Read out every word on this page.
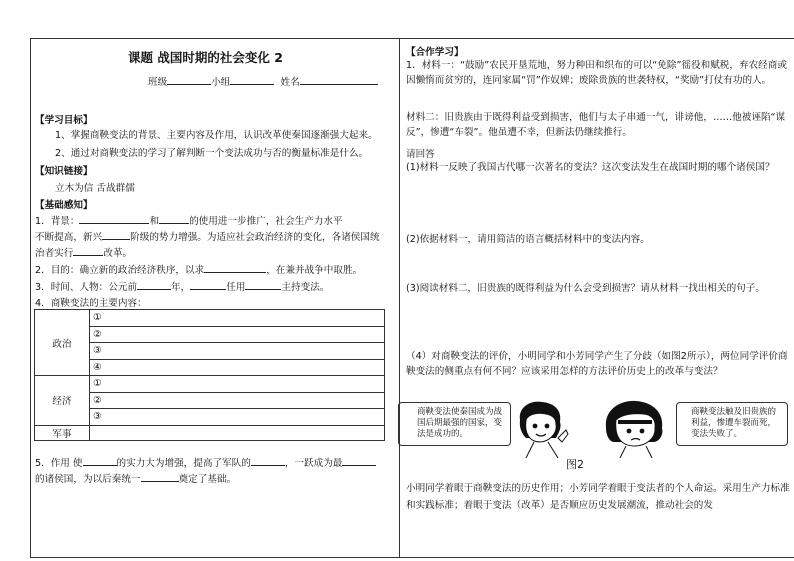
课题 战国时期的社会变化 2
班级	小组	姓名
【学习目标】
1、掌握商鞅变法的背景、主要内容及作用，认识改革使秦国逐渐强大起来。
2、通过对商鞅变法的学习了解判断一个变法成功与否的衡量标准是什么。
【知识链接】
立木为信 舌战群儒
【基础感知】
1．背景：	和	的使用进一步推广，社会生产力水平
不断提高，新兴	阶级的势力增强。为适应社会政治经济的变化，各诸侯国统
治者实行	改革。
2．目的：确立新的政治经济秩序，以求	，在兼并战争中取胜。
3．时间、人物：公元前	年，	任用	主持变法。
4．商鞅变法的主要内容：
政治	①
	②
	③
	④
经济	①
	②
	③
军事	
5．作用 使	的实力大为增强，提高了军队的	，一跃成为最
的诸侯国，为以后秦统一	奠定了基础。
【合作学习】
1．材料一：“鼓励”农民开垦荒地，努力种田和织布的可以“免除”徭役和赋税，弃农经商或因懒惰而贫穷的，连同家属“罚”作奴婢；废除贵族的世袭特权，“奖励”打仗有功的人。
材料二：旧贵族由于既得利益受到损害，他们与太子串通一气，诽谤他，……他被诬陷“谋反”，惨遭“车裂”。他虽遭不幸，但新法仍继续推行。
请回答
(1)材料一反映了我国古代哪一次著名的变法？这次变法发生在战国时期的哪个诸侯国？
(2)依据材料一，请用简洁的语言概括材料中的变法内容。
(3)阅读材料二，旧贵族的既得利益为什么会受到损害？请从材料一找出相关的句子。
（4）对商鞅变法的评价，小明同学和小芳同学产生了分歧（如图2所示），两位同学评价商鞅变法的侧重点有何不同？应该采用怎样的方法评价历史上的改革与变法？
商鞅变法使秦国成为战国后期最强的国家，变法是成功的。
商鞅变法触及旧贵族的利益，惨遭车裂而死，变法失败了。
图2
小明同学着眼于商鞅变法的历史作用；小芳同学着眼于变法者的个人命运。采用生产力标准和实践标准；着眼于变法（改革）是否顺应历史发展潮流，推动社会的发
